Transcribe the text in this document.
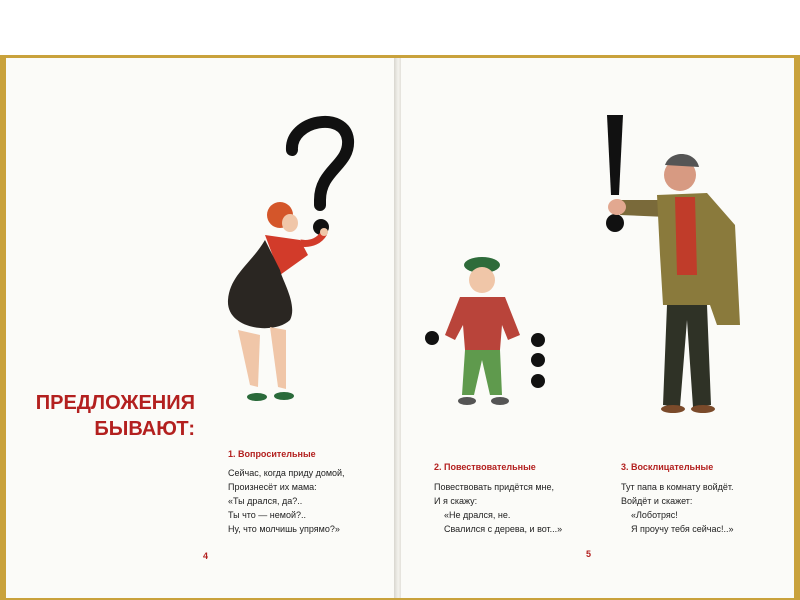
ПРЕДЛОЖЕНИЯ
БЫВАЮТ:
1. Вопросительные
Сейчас, когда приду домой,
Произнесёт их мама:
«Ты дрался, да?..
Ты что — немой?..
Ну, что молчишь упрямо?»
2. Повествовательные
Повествовать придётся мне,
И я скажу:
«Не дрался, не.
Свалился с дерева, и вот...»
3. Восклицательные
Тут папа в комнату войдёт.
Войдёт и скажет:
«Лоботряс!
Я проучу тебя сейчас!..»
4	5
